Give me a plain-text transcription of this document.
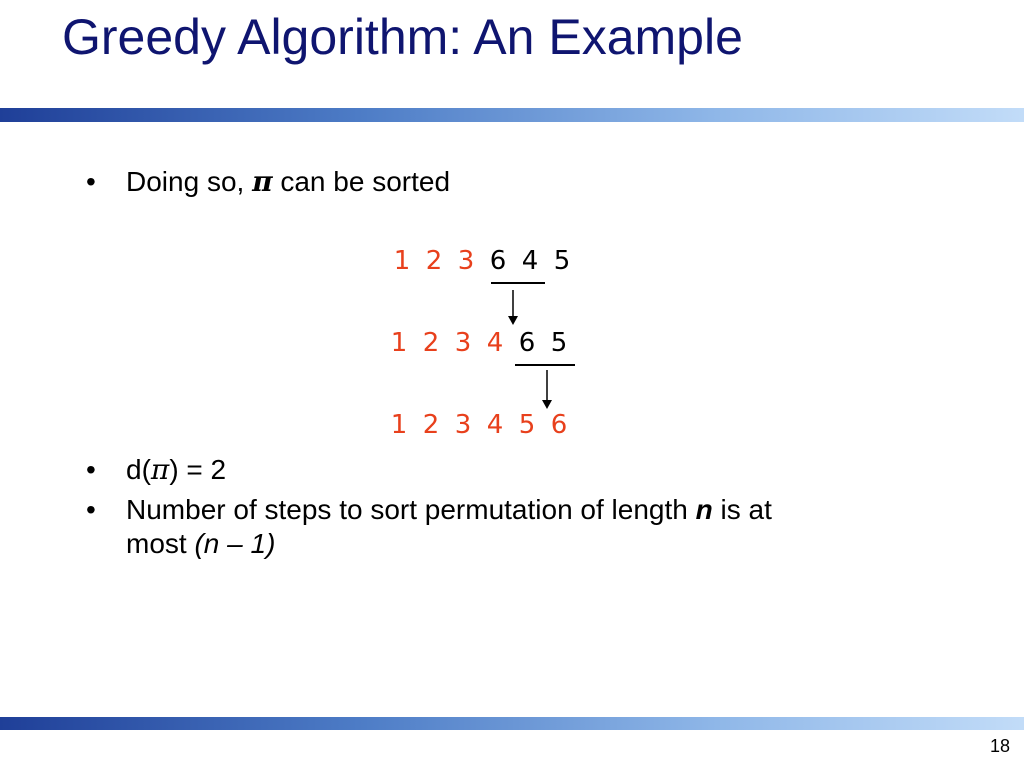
Greedy Algorithm: An Example
• Doing so, π can be sorted
1 2 3 6 4 5
1 2 3 4 6 5
1 2 3 4 5 6
• d(π) = 2
• Number of steps to sort permutation of length n is at
most (n – 1)
18
